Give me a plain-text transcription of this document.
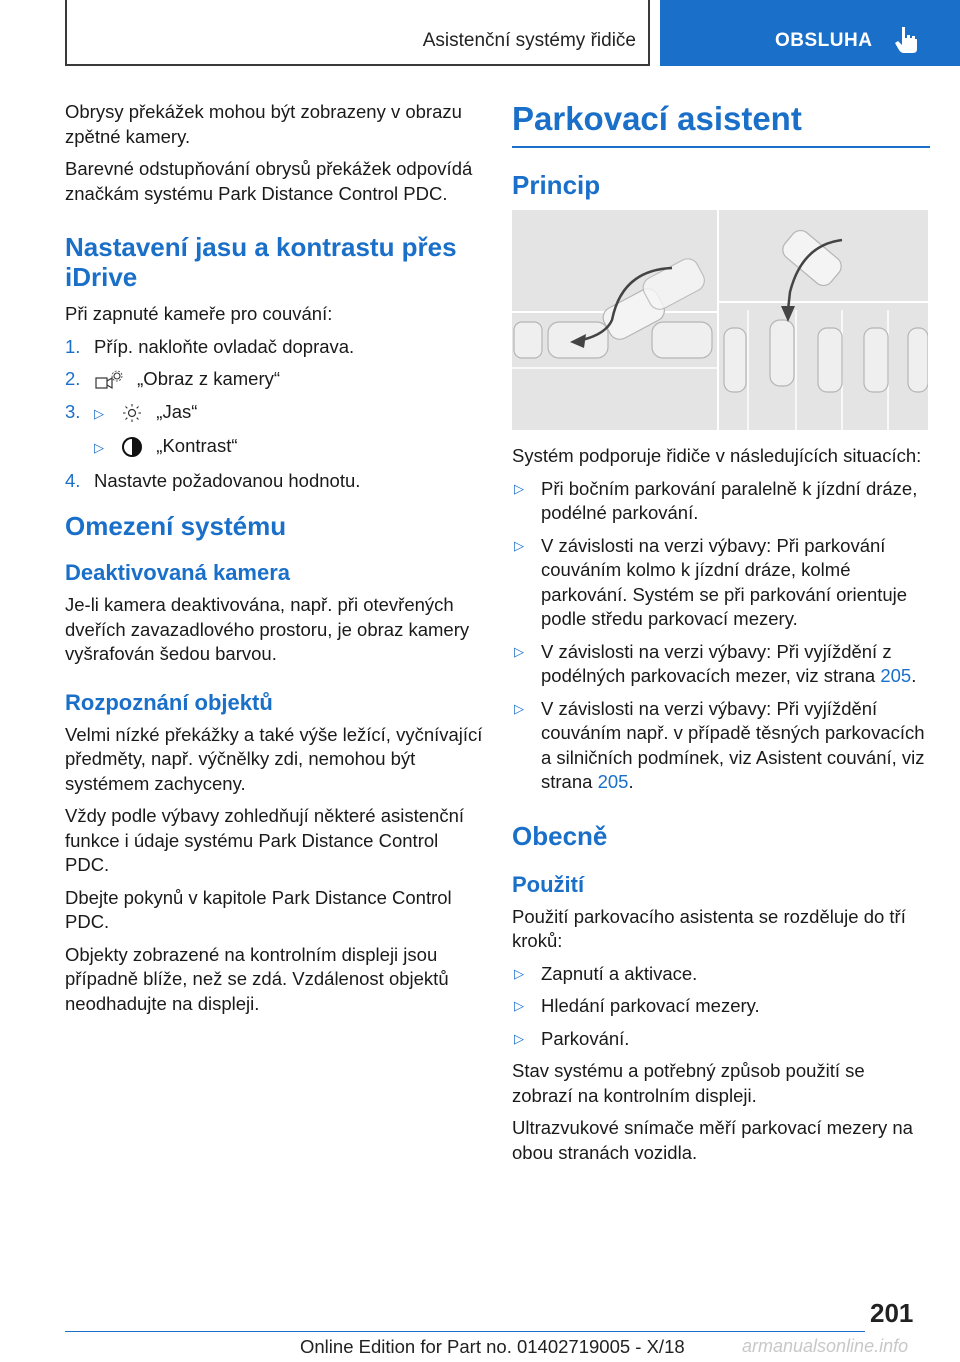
Asistenční systémy řidiče	OBSLUHA

Obrysy překážek mohou být zobrazeny v obrazu zpětné kamery.

Barevné odstupňování obrysů překážek odpovídá značkám systému Park Distance Control PDC.

Nastavení jasu a kontrastu přes iDrive

Při zapnuté kameře pro couvání:

1. Příp. nakloňte ovladač doprava.
2.	„Obraz z kamery“
3. ▷	„Jas“
▷	„Kontrast“
4. Nastavte požadovanou hodnotu.
Omezení systému
Deaktivovaná kamera

Je-li kamera deaktivována, např. při otevřených dveřích zavazadlového prostoru, je obraz kamery vyšrafován šedou barvou.

Rozpoznání objektů

Velmi nízké překážky a také výše ležící, vyčnívající předměty, např. výčnělky zdi, nemohou být systémem zachyceny.

Vždy podle výbavy zohledňují některé asistenční funkce i údaje systému Park Distance Control PDC.

Dbejte pokynů v kapitole Park Distance Control PDC.

Objekty zobrazené na kontrolním displeji jsou případně blíže, než se zdá. Vzdálenost objektů neodhadujte na displeji.

Parkovací asistent
Princip

Systém podporuje řidiče v následujících situacích:

▷ Při bočním parkování paralelně k jízdní dráze, podélné parkování.
▷ V závislosti na verzi výbavy: Při parkování couváním kolmo k jízdní dráze, kolmé parkování. Systém se při parkování orientuje podle středu parkovací mezery.
▷ V závislosti na verzi výbavy: Při vyjíždění z podélných parkovacích mezer, viz strana 205.
▷ V závislosti na verzi výbavy: Při vyjíždění couváním např. v případě těsných parkovacích a silničních podmínek, viz Asistent couvání, viz strana 205.
Obecně
Použití

Použití parkovacího asistenta se rozděluje do tří kroků:

▷ Zapnutí a aktivace.
▷ Hledání parkovací mezery.
▷ Parkování.

Stav systému a potřebný způsob použití se zobrazí na kontrolním displeji.

Ultrazvukové snímače měří parkovací mezery na obou stranách vozidla.

201
Online Edition for Part no. 01402719005 - X/18	armanualsonline.info
